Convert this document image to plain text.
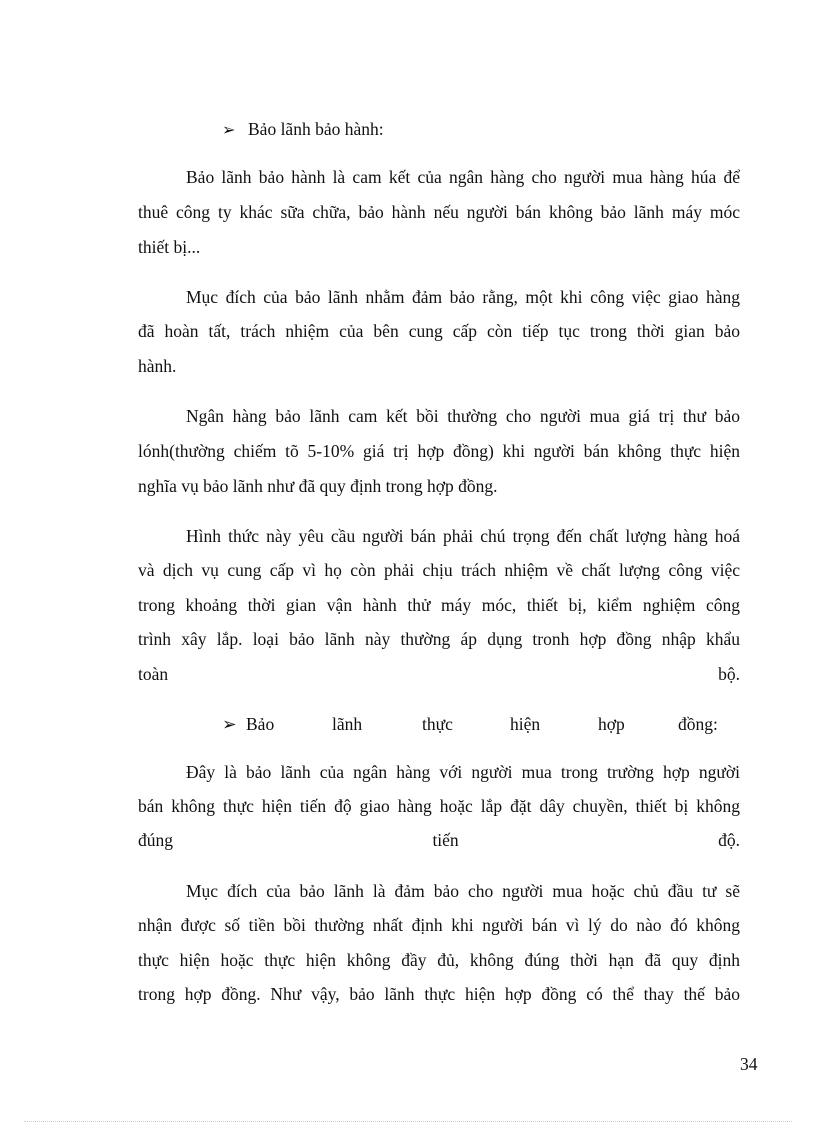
➢ Bảo lãnh bảo hành:
Bảo lãnh bảo hành là cam kết của ngân hàng cho người mua hàng húa để
thuê công ty khác sữa chữa, bảo hành nếu người bán không bảo lãnh máy móc
thiết bị...
Mục đích của bảo lãnh nhằm đảm bảo rằng, một khi công việc giao hàng
đã hoàn tất, trách nhiệm của bên cung cấp còn tiếp tục trong thời gian bảo
hành.
Ngân hàng bảo lãnh cam kết bồi thường cho người mua giá trị thư bảo
lónh(thường chiếm tõ 5-10% giá trị hợp đồng) khi người bán không thực hiện
nghĩa vụ bảo lãnh như đã quy định trong hợp đồng.
Hình thức này yêu cầu người bán phải chú trọng đến chất lượng hàng hoá
và dịch vụ cung cấp vì họ còn phải chịu trách nhiệm về chất lượng công việc
trong khoảng thời gian vận hành thử máy móc, thiết bị, kiểm nghiệm công
trình xây lắp. loại bảo lãnh này thường áp dụng tronh hợp đồng nhập khẩu
toàn bộ.
➢ Bảo	lãnh	thực	hiện	hợp	đồng:
Đây là bảo lãnh của ngân hàng với người mua trong trường hợp người
bán không thực hiện tiến độ giao hàng hoặc lắp đặt dây chuyền, thiết bị không
đúng tiến độ.
Mục đích của bảo lãnh là đảm bảo cho người mua hoặc chủ đầu tư sẽ
nhận được số tiền bồi thường nhất định khi người bán vì lý do nào đó không
thực hiện hoặc thực hiện không đầy đủ, không đúng thời hạn đã quy định
trong hợp đồng. Như vậy, bảo lãnh thực hiện hợp đồng có thể thay thế bảo
34
